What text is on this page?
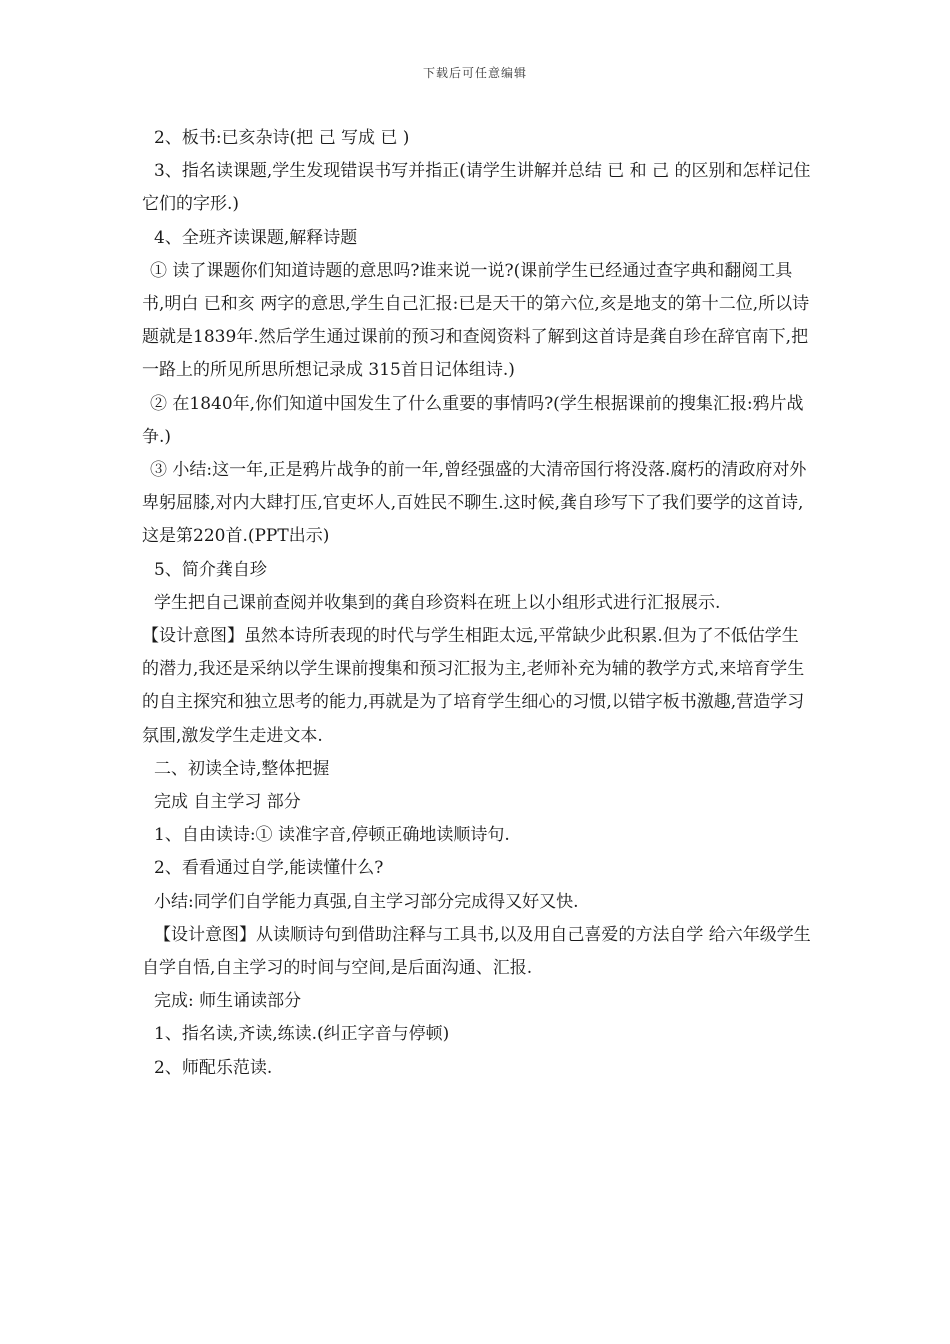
下载后可任意编辑

2、板书:已亥杂诗(把 己 写成 已 )

3、指名读课题,学生发现错误书写并指正(请学生讲解并总结 已 和 己 的区别和怎样记住它们的字形.)

4、全班齐读课题,解释诗题

① 读了课题你们知道诗题的意思吗?谁来说一说?(课前学生已经通过查字典和翻阅工具书,明白 已和亥 两字的意思,学生自己汇报:已是天干的第六位,亥是地支的第十二位,所以诗题就是1839年.然后学生通过课前的预习和查阅资料了解到这首诗是龚自珍在辞官南下,把一路上的所见所思所想记录成 315首日记体组诗.)

② 在1840年,你们知道中国发生了什么重要的事情吗?(学生根据课前的搜集汇报:鸦片战争.)

③ 小结:这一年,正是鸦片战争的前一年,曾经强盛的大清帝国行将没落.腐朽的清政府对外卑躬屈膝,对内大肆打压,官吏坏人,百姓民不聊生.这时候,龚自珍写下了我们要学的这首诗,这是第220首.(PPT出示)

5、简介龚自珍

学生把自己课前查阅并收集到的龚自珍资料在班上以小组形式进行汇报展示.

【设计意图】虽然本诗所表现的时代与学生相距太远,平常缺少此积累.但为了不低估学生的潜力,我还是采纳以学生课前搜集和预习汇报为主,老师补充为辅的教学方式,来培育学生的自主探究和独立思考的能力,再就是为了培育学生细心的习惯,以错字板书激趣,营造学习氛围,激发学生走进文本.

二、初读全诗,整体把握

完成 自主学习 部分

1、自由读诗:① 读准字音,停顿正确地读顺诗句.

2、看看通过自学,能读懂什么?

小结:同学们自学能力真强,自主学习部分完成得又好又快.

【设计意图】从读顺诗句到借助注释与工具书,以及用自己喜爱的方法自学 给六年级学生自学自悟,自主学习的时间与空间,是后面沟通、汇报.

完成: 师生诵读部分

1、指名读,齐读,练读.(纠正字音与停顿)

2、师配乐范读.
